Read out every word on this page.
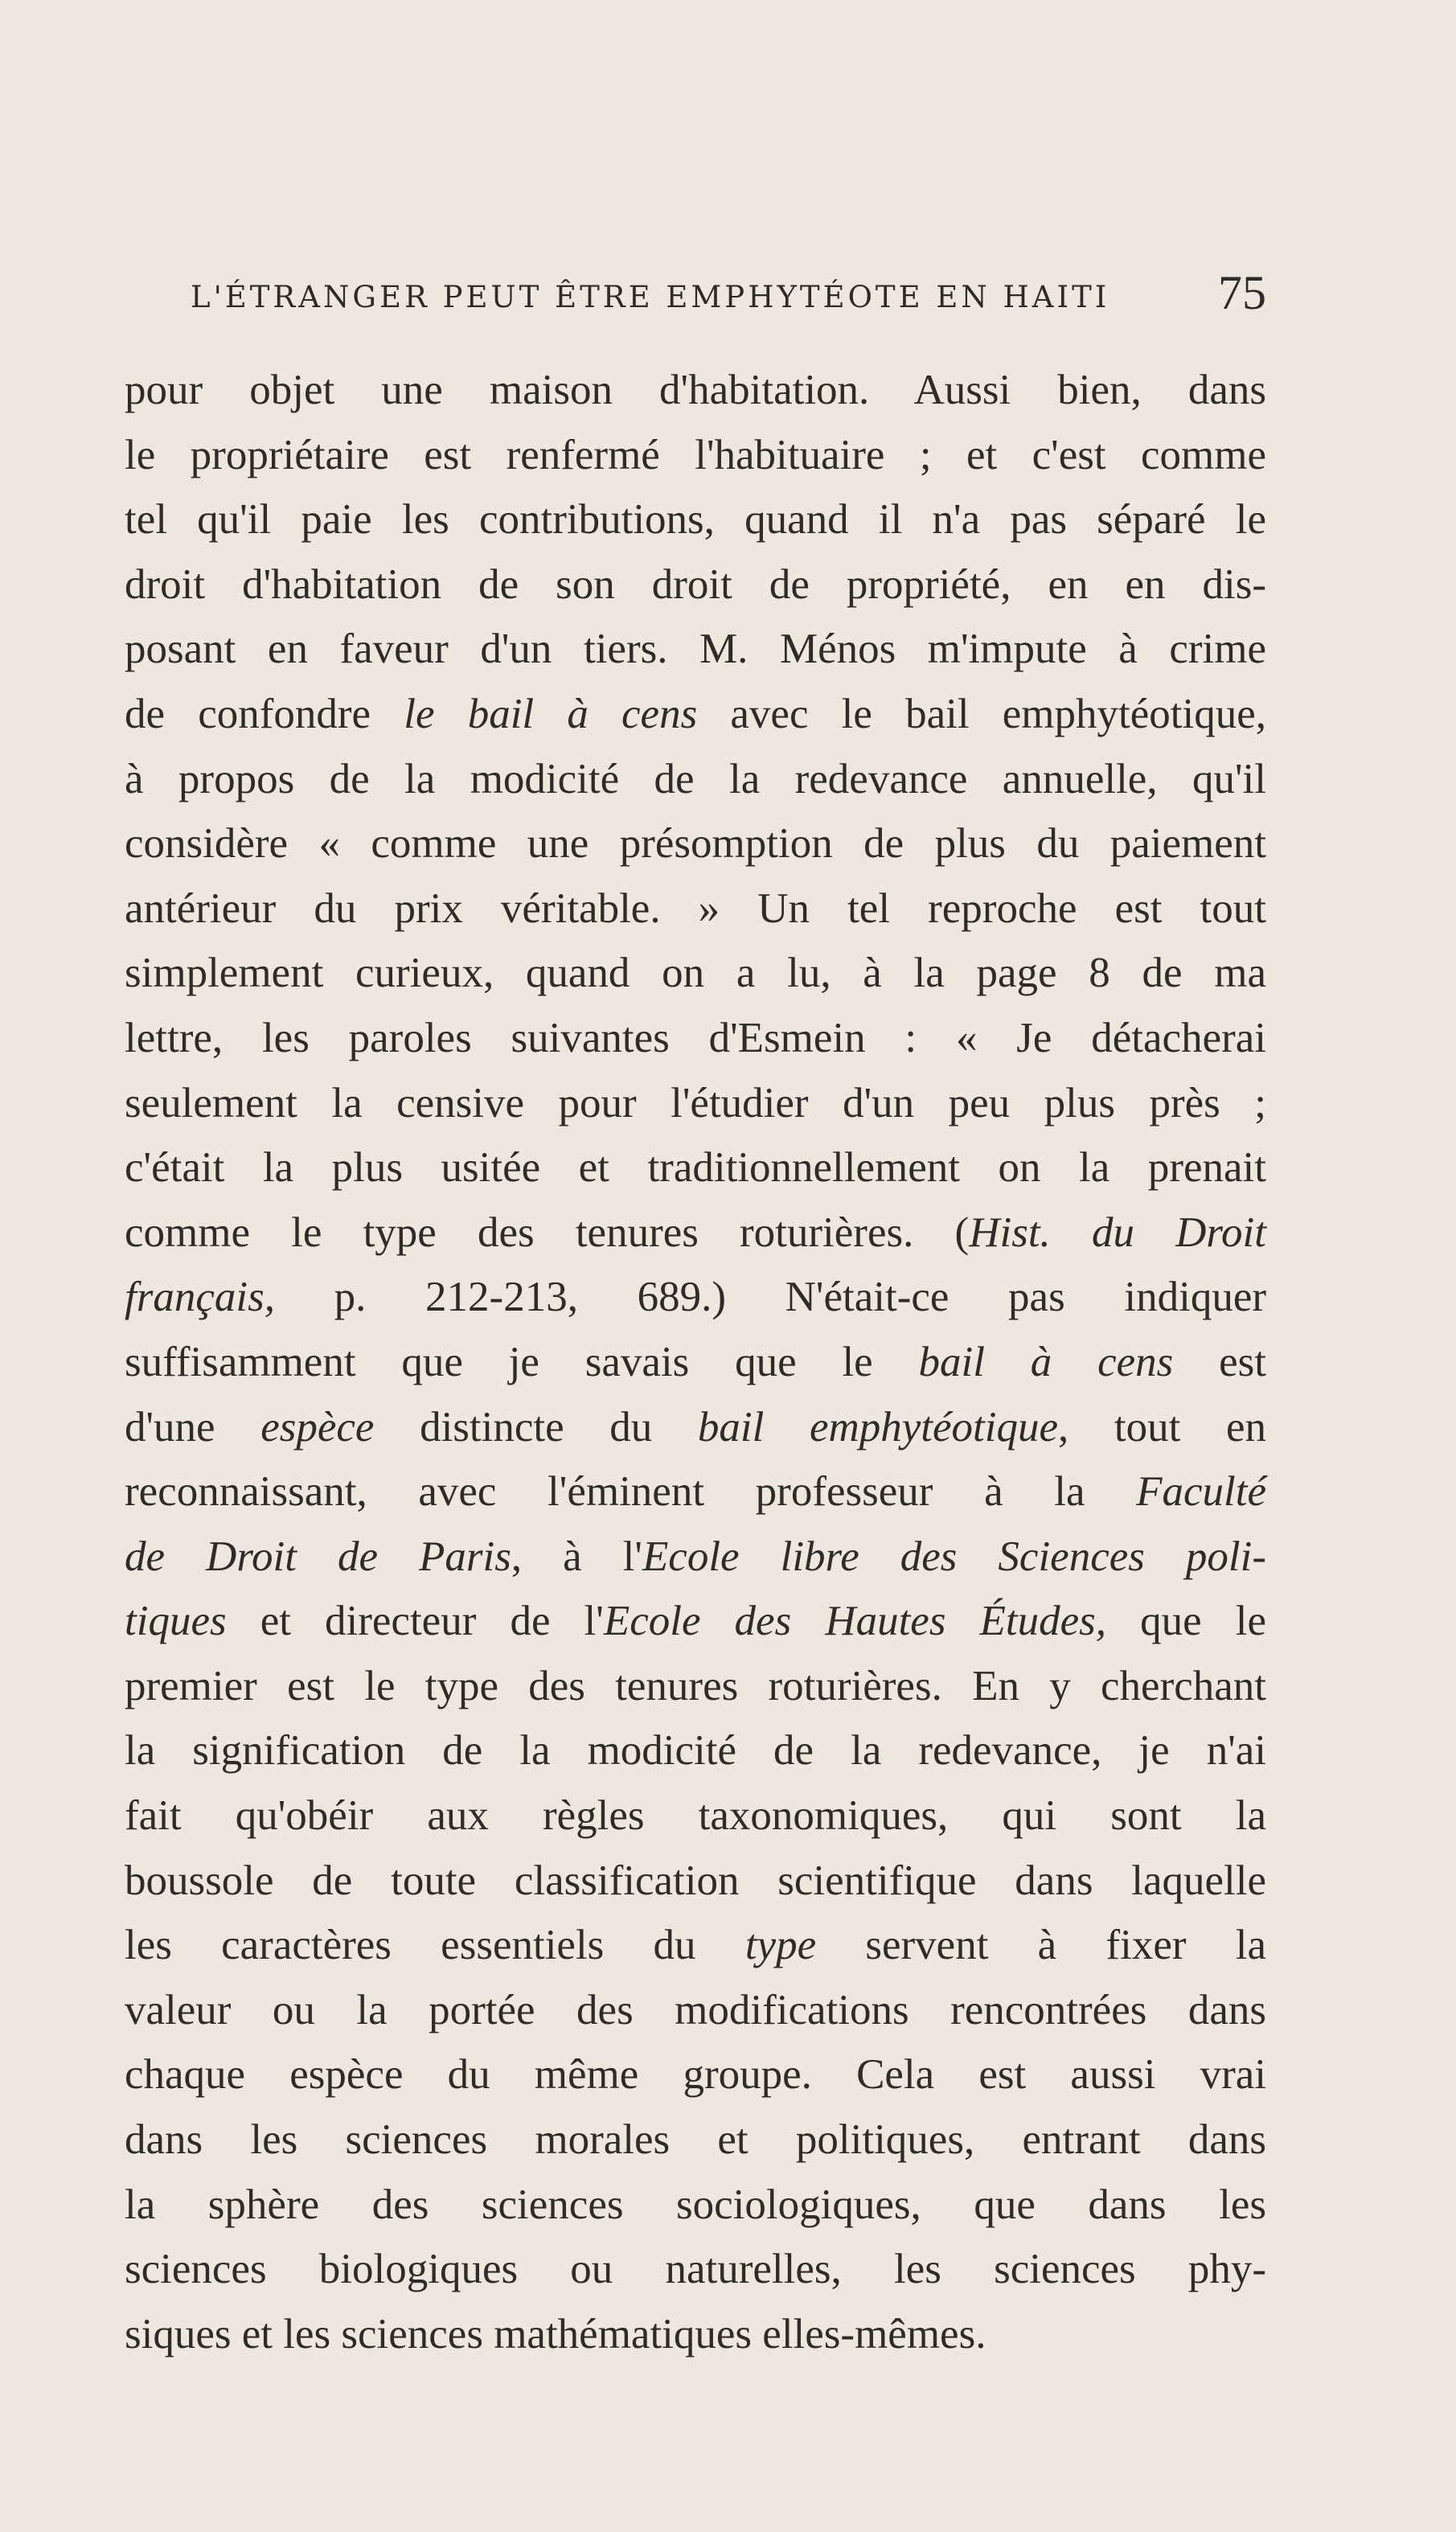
L'ÉTRANGER PEUT ÊTRE EMPHYTÉOTE EN HAITI	75
pour objet une maison d'habitation. Aussi bien, dans
le propriétaire est renfermé l'habituaire ; et c'est comme
tel qu'il paie les contributions, quand il n'a pas séparé le
droit d'habitation de son droit de propriété, en en dis-
posant en faveur d'un tiers. M. Ménos m'impute à crime
de confondre le bail à cens avec le bail emphytéotique,
à propos de la modicité de la redevance annuelle, qu'il
considère « comme une présomption de plus du paiement
antérieur du prix véritable. » Un tel reproche est tout
simplement curieux, quand on a lu, à la page 8 de ma
lettre, les paroles suivantes d'Esmein : « Je détacherai
seulement la censive pour l'étudier d'un peu plus près ;
c'était la plus usitée et traditionnellement on la prenait
comme le type des tenures roturières. (Hist. du Droit
français, p. 212-213, 689.) N'était-ce pas indiquer
suffisamment que je savais que le bail à cens est
d'une espèce distincte du bail emphytéotique, tout en
reconnaissant, avec l'éminent professeur à la Faculté
de Droit de Paris, à l'Ecole libre des Sciences poli-
tiques et directeur de l'Ecole des Hautes Études, que le
premier est le type des tenures roturières. En y cherchant
la signification de la modicité de la redevance, je n'ai
fait qu'obéir aux règles taxonomiques, qui sont la
boussole de toute classification scientifique dans laquelle
les caractères essentiels du type servent à fixer la
valeur ou la portée des modifications rencontrées dans
chaque espèce du même groupe. Cela est aussi vrai
dans les sciences morales et politiques, entrant dans
la sphère des sciences sociologiques, que dans les
sciences biologiques ou naturelles, les sciences phy-
siques et les sciences mathématiques elles-mêmes.
